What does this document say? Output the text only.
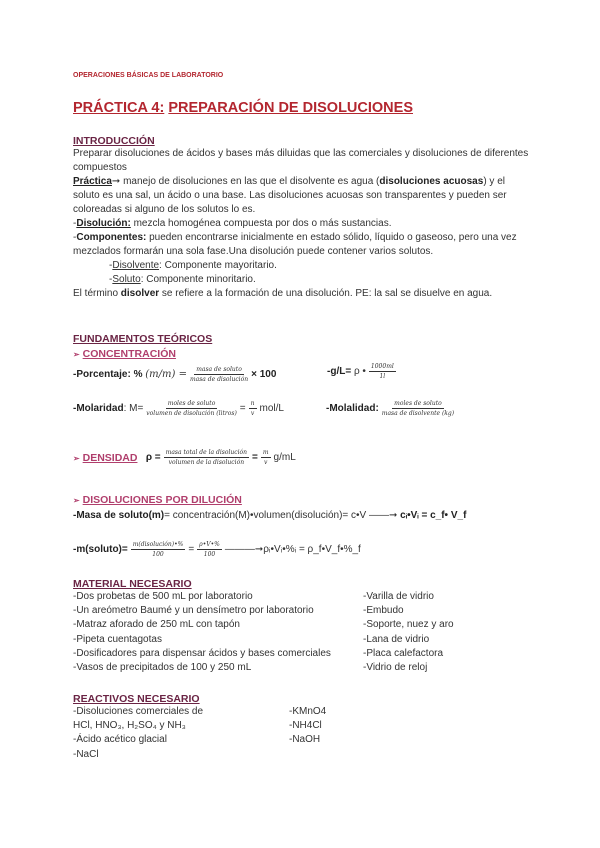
OPERACIONES BÁSICAS DE LABORATORIO
PRÁCTICA 4: PREPARACIÓN DE DISOLUCIONES
INTRODUCCIÓN
Preparar disoluciones de ácidos y bases más diluidas que las comerciales y disoluciones de diferentes compuestos
Práctica➞ manejo de disoluciones en las que el disolvente es agua (disoluciones acuosas) y el soluto es una sal, un ácido o una base. Las disoluciones acuosas son transparentes y pueden ser coloreadas si alguno de los solutos lo es.
-Disolución: mezcla homogénea compuesta por dos o más sustancias.
-Componentes: pueden encontrarse inicialmente en estado sólido, líquido o gaseoso, pero una vez mezclados formarán una sola fase.Una disolución puede contener varios solutos.
-Disolvente: Componente mayoritario.
-Soluto: Componente minoritario.
El término disolver se refiere a la formación de una disolución. PE: la sal se disuelve en agua.
FUNDAMENTOS TEÓRICOS
➢ CONCENTRACIÓN
-Porcentaje: %
$(m/m) = \frac{\text{masa de soluto}}{\text{masa de disolución}} \times 100$	-g/L=
ρ • $\frac{1000ml}{1l}$
-Molaridad : $M= \frac{\text{moles de soluto}}{\text{volumen de disolución (litros)}} = \frac{n}{v} mol/L$	-Molalidad: $\frac{\text{moles de soluto}}{\text{masa de disolvente (kg)}}$
➢ DENSIDAD
$\rho = \frac{\text{masa total de la disolución}}{\text{volumen de la disolución}} = \frac{m}{v} g/mL$
➢ DISOLUCIONES POR DILUCIÓN
-Masa de soluto(m) = concentración(M)•volumen(disolución)= c•V ——➞
cᵢ•Vᵢ = c_f• V_f
-m(soluto)= $\frac{\text{m(disolución)•\%}}{100} = \frac{\rho•V•\%}{100}$ ———➞ρᵢ•Vᵢ•%ᵢ = ρ_f•V_f•%_f
MATERIAL NECESARIO
-Dos probetas de 500 mL por laboratorio
-Un areómetro Baumé y un densímetro por laboratorio
-Matraz aforado de 250 mL con tapón
-Pipeta cuentagotas
-Dosificadores para dispensar ácidos y bases comerciales
-Vasos de precipitados de 100 y 250 mL
-Varilla de vidrio
-Embudo
-Soporte, nuez y aro
-Lana de vidrio
-Placa calefactora
-Vidrio de reloj
REACTIVOS NECESARIO
-Disoluciones comerciales de
HCl, HNO₃, H₂SO₄ y NH₃
-Ácido acético glacial
-NaCl
-KMnO4
-NH4Cl
-NaOH
